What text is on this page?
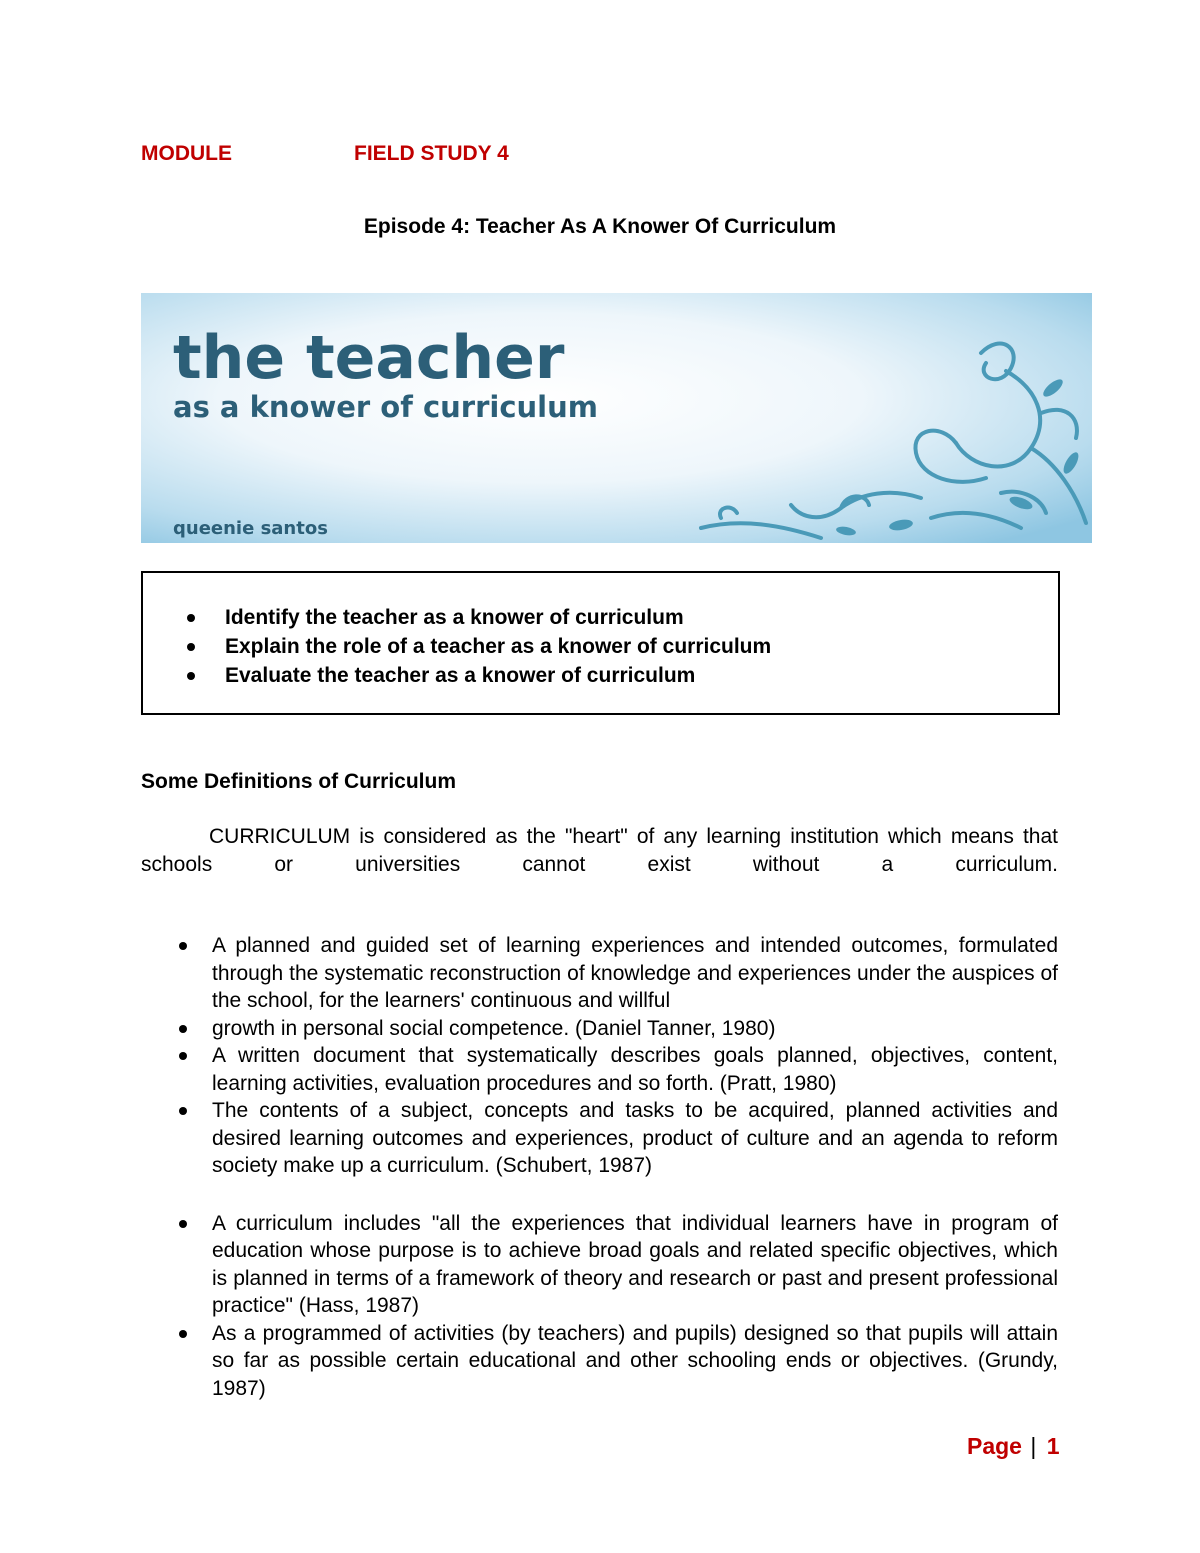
MODULE	FIELD STUDY 4
Episode 4: Teacher As A Knower Of Curriculum
the teacher
as a knower of curriculum
queenie santos
Identify the teacher as a knower of curriculum
Explain the role of a teacher as a knower of curriculum
Evaluate the teacher as a knower of curriculum
Some Definitions of Curriculum
CURRICULUM is considered as the "heart" of any learning institution which means that schools or universities cannot exist without a curriculum.
A planned and guided set of learning experiences and intended outcomes, formulated through the systematic reconstruction of knowledge and experiences under the auspices of the school, for the learners' continuous and willful
growth in personal social competence. (Daniel Tanner, 1980)
A written document that systematically describes goals planned, objectives, content, learning activities, evaluation procedures and so forth. (Pratt, 1980)
The contents of a subject, concepts and tasks to be acquired, planned activities and desired learning outcomes and experiences, product of culture and an agenda to reform society make up a curriculum. (Schubert, 1987)
A curriculum includes "all the experiences that individual learners have in program of education whose purpose is to achieve broad goals and related specific objectives, which is planned in terms of a framework of theory and research or past and present professional practice" (Hass, 1987)
As a programmed of activities (by teachers) and pupils) designed so that pupils will attain so far as possible certain educational and other schooling ends or objectives. (Grundy, 1987)
Page | 1
